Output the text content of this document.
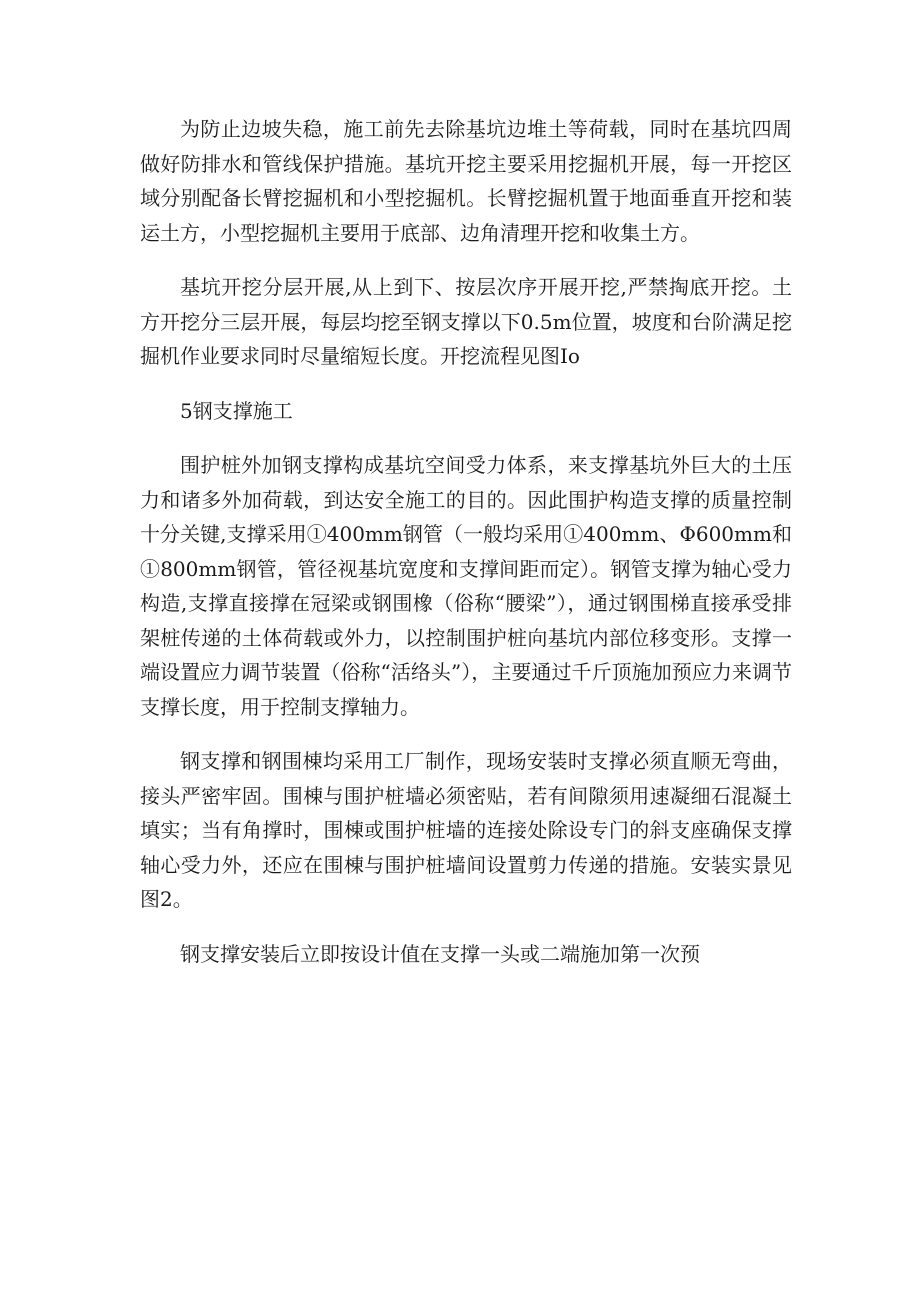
为防止边坡失稳，施工前先去除基坑边堆土等荷载，同时在基坑四周做好防排水和管线保护措施。基坑开挖主要采用挖掘机开展，每一开挖区域分别配备长臂挖掘机和小型挖掘机。长臂挖掘机置于地面垂直开挖和装运土方，小型挖掘机主要用于底部、边角清理开挖和收集土方。

基坑开挖分层开展,从上到下、按层次序开展开挖,严禁掏底开挖。土方开挖分三层开展，每层均挖至钢支撑以下0.5m位置，坡度和台阶满足挖掘机作业要求同时尽量缩短长度。开挖流程见图Io

5钢支撑施工

围护桩外加钢支撑构成基坑空间受力体系，来支撑基坑外巨大的土压力和诸多外加荷载，到达安全施工的目的。因此围护构造支撑的质量控制十分关键,支撑采用①400mm钢管（一般均采用①400mm、Φ600mm和①800mm钢管，管径视基坑宽度和支撑间距而定）。钢管支撑为轴心受力构造,支撑直接撑在冠梁或钢围橡（俗称“腰梁”），通过钢围梯直接承受排架桩传递的土体荷载或外力，以控制围护桩向基坑内部位移变形。支撑一端设置应力调节装置（俗称“活络头”），主要通过千斤顶施加预应力来调节支撑长度，用于控制支撑轴力。

钢支撑和钢围棟均采用工厂制作，现场安装时支撑必须直顺无弯曲，接头严密牢固。围棟与围护桩墙必须密贴，若有间隙须用速凝细石混凝土填实；当有角撑时，围棟或围护桩墙的连接处除设专门的斜支座确保支撑轴心受力外，还应在围棟与围护桩墙间设置剪力传递的措施。安装实景见图2。

钢支撑安装后立即按设计值在支撑一头或二端施加第一次预
